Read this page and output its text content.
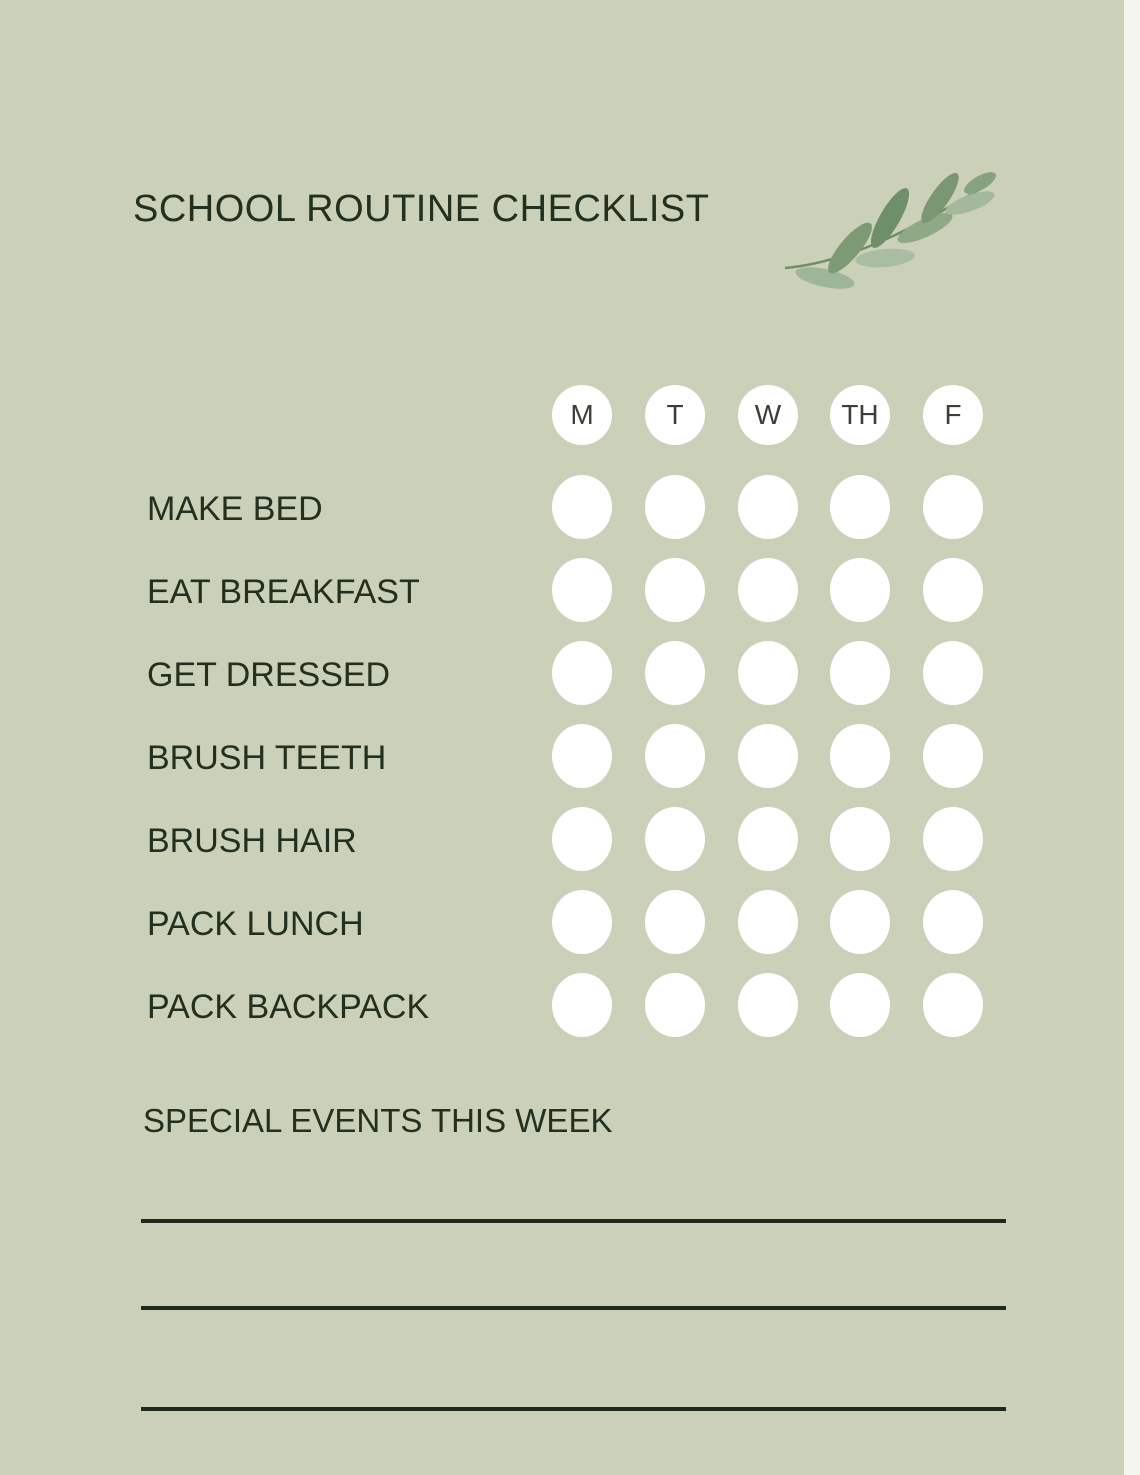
SCHOOL ROUTINE CHECKLIST
M	T	W	TH	F
MAKE BED
EAT BREAKFAST
GET DRESSED
BRUSH TEETH
BRUSH HAIR
PACK LUNCH
PACK BACKPACK
SPECIAL EVENTS THIS WEEK
